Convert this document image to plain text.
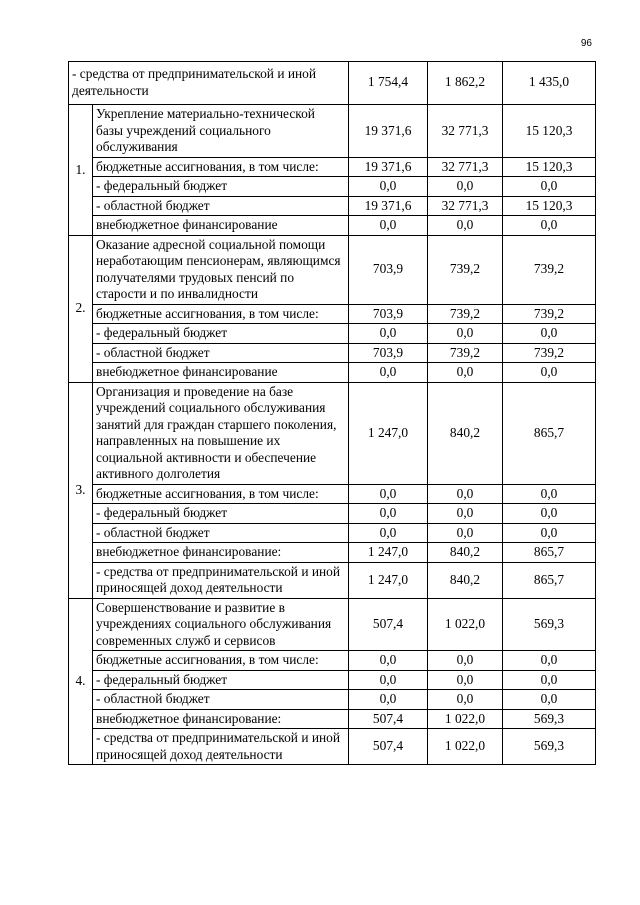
96
- средства от предпринимательской и иной деятельности		1 754,4	1 862,2	1 435,0
1.	Укрепление материально-технической базы учреждений социального обслуживания	19 371,6	32 771,3	15 120,3
	бюджетные ассигнования, в том числе:	19 371,6	32 771,3	15 120,3
	- федеральный бюджет	0,0	0,0	0,0
	- областной бюджет	19 371,6	32 771,3	15 120,3
	внебюджетное финансирование	0,0	0,0	0,0
2.	Оказание адресной социальной помощи неработающим пенсионерам, являющимся получателями трудовых пенсий по старости и по инвалидности	703,9	739,2	739,2
	бюджетные ассигнования, в том числе:	703,9	739,2	739,2
	- федеральный бюджет	0,0	0,0	0,0
	- областной бюджет	703,9	739,2	739,2
	внебюджетное финансирование	0,0	0,0	0,0
3.	Организация и проведение на базе учреждений социального обслуживания занятий для граждан старшего поколения, направленных на повышение их социальной активности и обеспечение активного долголетия	1 247,0	840,2	865,7
	бюджетные ассигнования, в том числе:	0,0	0,0	0,0
	- федеральный бюджет	0,0	0,0	0,0
	- областной бюджет	0,0	0,0	0,0
	внебюджетное финансирование:	1 247,0	840,2	865,7
	- средства от предпринимательской и иной приносящей доход деятельности	1 247,0	840,2	865,7
4.	Совершенствование и развитие в учреждениях социального обслуживания современных служб и сервисов	507,4	1 022,0	569,3
	бюджетные ассигнования, в том числе:	0,0	0,0	0,0
	- федеральный бюджет	0,0	0,0	0,0
	- областной бюджет	0,0	0,0	0,0
	внебюджетное финансирование:	507,4	1 022,0	569,3
	- средства от предпринимательской и иной приносящей доход деятельности	507,4	1 022,0	569,3
